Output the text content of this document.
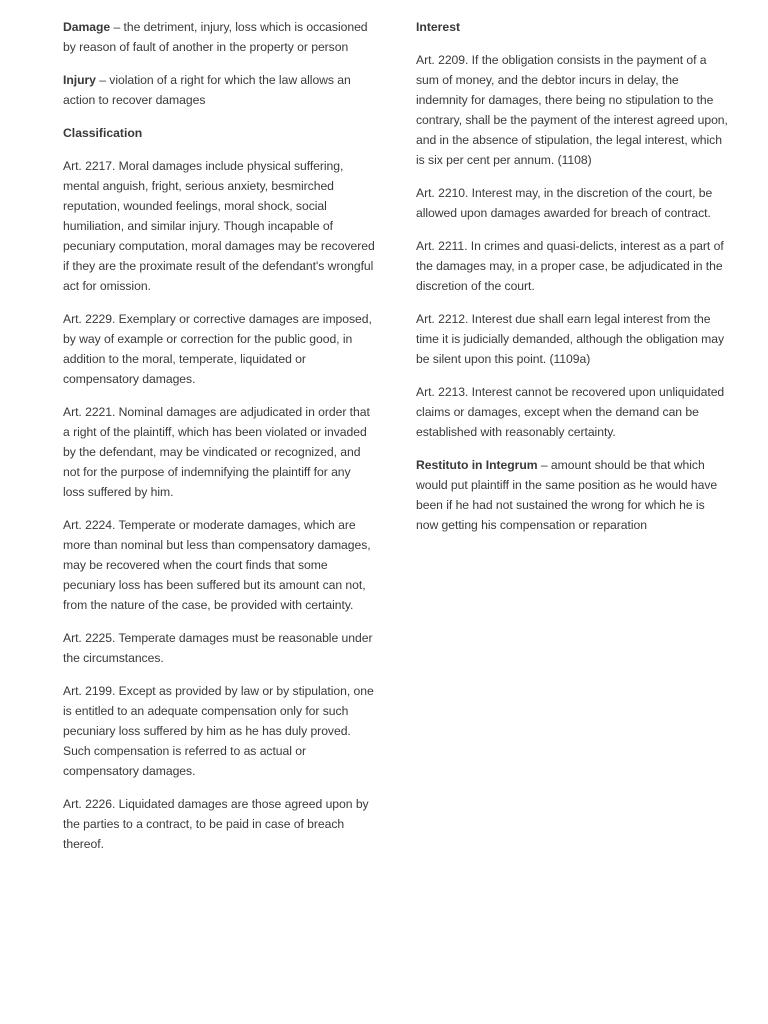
Damage – the detriment, injury, loss which is occasioned by reason of fault of another in the property or person

Injury – violation of a right for which the law allows an action to recover damages

Classification

Art. 2217. Moral damages include physical suffering, mental anguish, fright, serious anxiety, besmirched reputation, wounded feelings, moral shock, social humiliation, and similar injury. Though incapable of pecuniary computation, moral damages may be recovered if they are the proximate result of the defendant's wrongful act for omission.

Art. 2229. Exemplary or corrective damages are imposed, by way of example or correction for the public good, in addition to the moral, temperate, liquidated or compensatory damages.

Art. 2221. Nominal damages are adjudicated in order that a right of the plaintiff, which has been violated or invaded by the defendant, may be vindicated or recognized, and not for the purpose of indemnifying the plaintiff for any loss suffered by him.

Art. 2224. Temperate or moderate damages, which are more than nominal but less than compensatory damages, may be recovered when the court finds that some pecuniary loss has been suffered but its amount can not, from the nature of the case, be provided with certainty.

Art. 2225. Temperate damages must be reasonable under the circumstances.

Art. 2199. Except as provided by law or by stipulation, one is entitled to an adequate compensation only for such pecuniary loss suffered by him as he has duly proved. Such compensation is referred to as actual or compensatory damages.

Art. 2226. Liquidated damages are those agreed upon by the parties to a contract, to be paid in case of breach thereof.

Interest

Art. 2209. If the obligation consists in the payment of a sum of money, and the debtor incurs in delay, the indemnity for damages, there being no stipulation to the contrary, shall be the payment of the interest agreed upon, and in the absence of stipulation, the legal interest, which is six per cent per annum. (1108)

Art. 2210. Interest may, in the discretion of the court, be allowed upon damages awarded for breach of contract.

Art. 2211. In crimes and quasi-delicts, interest as a part of the damages may, in a proper case, be adjudicated in the discretion of the court.

Art. 2212. Interest due shall earn legal interest from the time it is judicially demanded, although the obligation may be silent upon this point. (1109a)

Art. 2213. Interest cannot be recovered upon unliquidated claims or damages, except when the demand can be established with reasonably certainty.

Restituto in Integrum – amount should be that which would put plaintiff in the same position as he would have been if he had not sustained the wrong for which he is now getting his compensation or reparation
